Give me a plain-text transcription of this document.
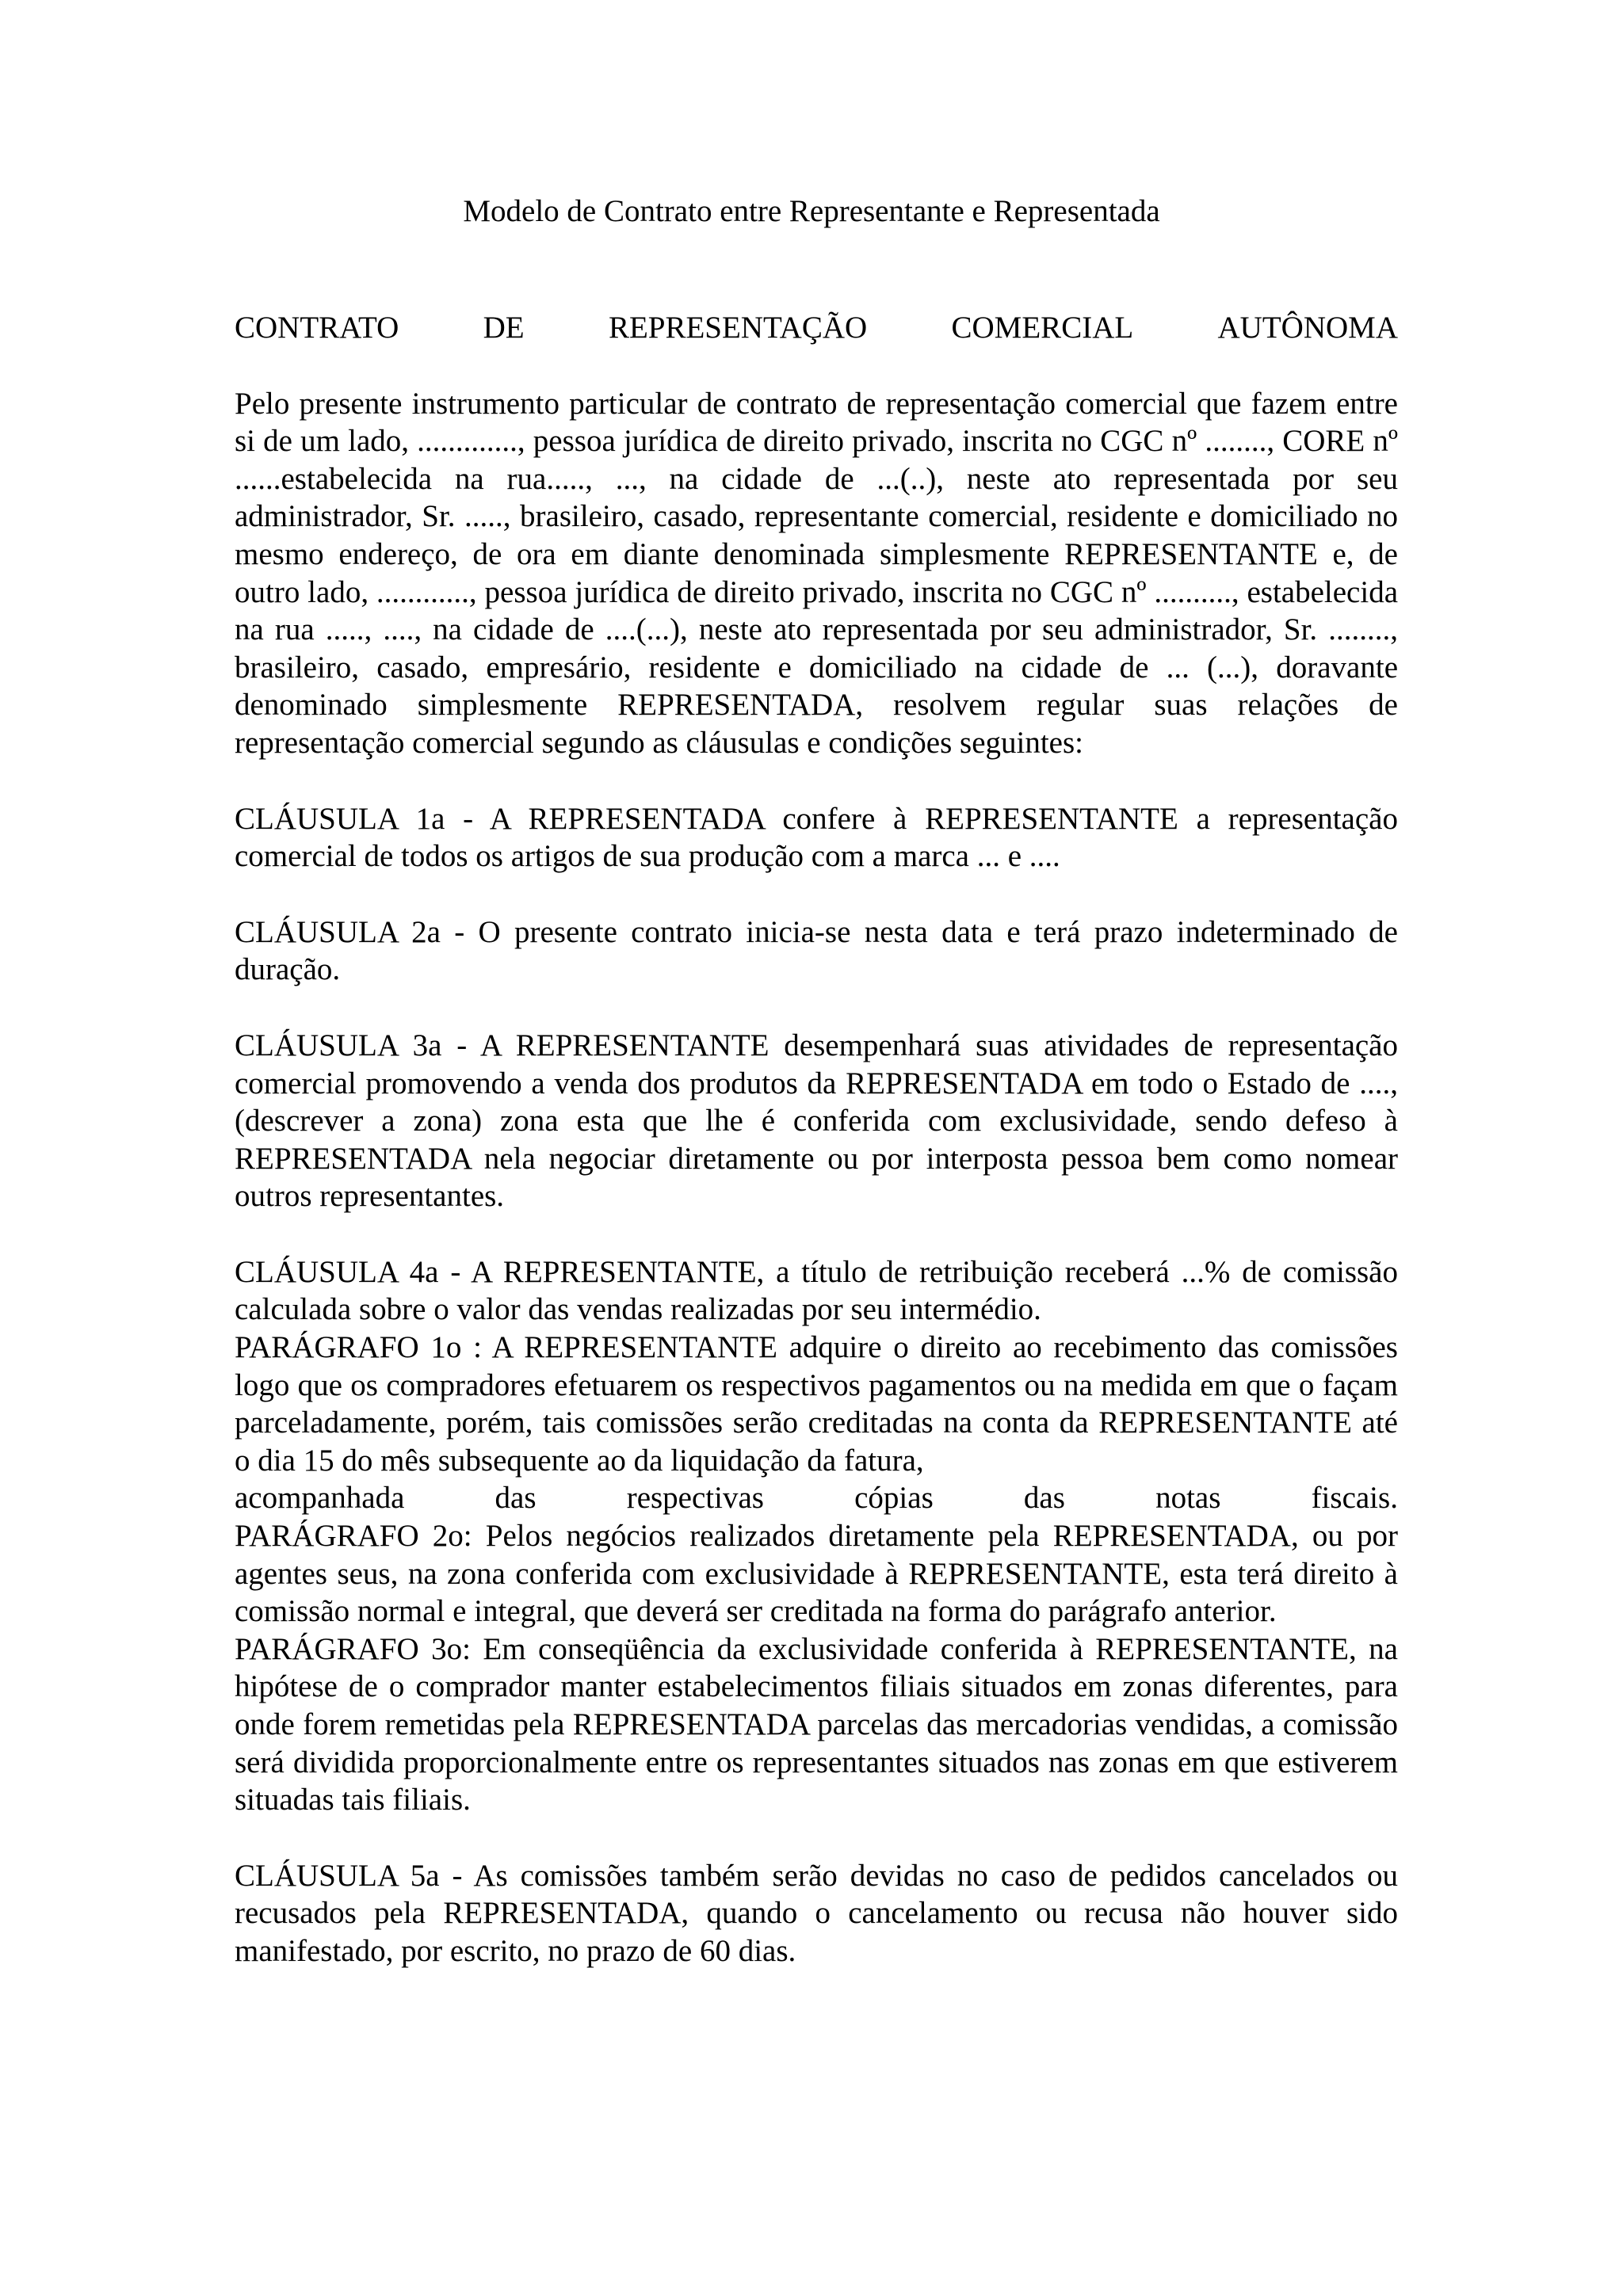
Modelo de Contrato entre Representante e Representada
CONTRATO	DE	REPRESENTAÇÃO	COMERCIAL	AUTÔNOMA

Pelo presente instrumento particular de contrato de representação comercial que fazem entre si de um lado, ............., pessoa jurídica de direito privado, inscrita no CGC nº ........, CORE nº ......estabelecida na rua....., ..., na cidade de ...(..), neste ato representada por seu administrador, Sr. ....., brasileiro, casado, representante comercial, residente e domiciliado no mesmo endereço, de ora em diante denominada simplesmente REPRESENTANTE e, de outro lado, ............, pessoa jurídica de direito privado, inscrita no CGC nº .........., estabelecida na rua ....., ...., na cidade de ....(...), neste ato representada por seu administrador, Sr. ........, brasileiro, casado, empresário, residente e domiciliado na cidade de ... (...), doravante denominado simplesmente REPRESENTADA, resolvem regular suas relações de representação comercial segundo as cláusulas e condições seguintes:

CLÁUSULA 1a - A REPRESENTADA confere à REPRESENTANTE a representação comercial de todos os artigos de sua produção com a marca ... e ....

CLÁUSULA 2a - O presente contrato inicia-se nesta data e terá prazo indeterminado de duração.

CLÁUSULA 3a - A REPRESENTANTE desempenhará suas atividades de representação comercial promovendo a venda dos produtos da REPRESENTADA em todo o Estado de ...., (descrever a zona) zona esta que lhe é conferida com exclusividade, sendo defeso à REPRESENTADA nela negociar diretamente ou por interposta pessoa bem como nomear outros representantes.

CLÁUSULA 4a - A REPRESENTANTE, a título de retribuição receberá ...% de comissão calculada sobre o valor das vendas realizadas por seu intermédio.

PARÁGRAFO 1o : A REPRESENTANTE adquire o direito ao recebimento das comissões logo que os compradores efetuarem os respectivos pagamentos ou na medida em que o façam parceladamente, porém, tais comissões serão creditadas na conta da REPRESENTANTE até o dia 15 do mês subsequente ao da liquidação da fatura,

acompanhada	das	respectivas	cópias	das	notas	fiscais.

PARÁGRAFO 2o: Pelos negócios realizados diretamente pela REPRESENTADA, ou por agentes seus, na zona conferida com exclusividade à REPRESENTANTE, esta terá direito à comissão normal e integral, que deverá ser creditada na forma do parágrafo anterior.

PARÁGRAFO 3o: Em conseqüência da exclusividade conferida à REPRESENTANTE, na hipótese de o comprador manter estabelecimentos filiais situados em zonas diferentes, para onde forem remetidas pela REPRESENTADA parcelas das mercadorias vendidas, a comissão será dividida proporcionalmente entre os representantes situados nas zonas em que estiverem situadas tais filiais.

CLÁUSULA 5a - As comissões também serão devidas no caso de pedidos cancelados ou recusados pela REPRESENTADA, quando o cancelamento ou recusa não houver sido manifestado, por escrito, no prazo de 60 dias.
